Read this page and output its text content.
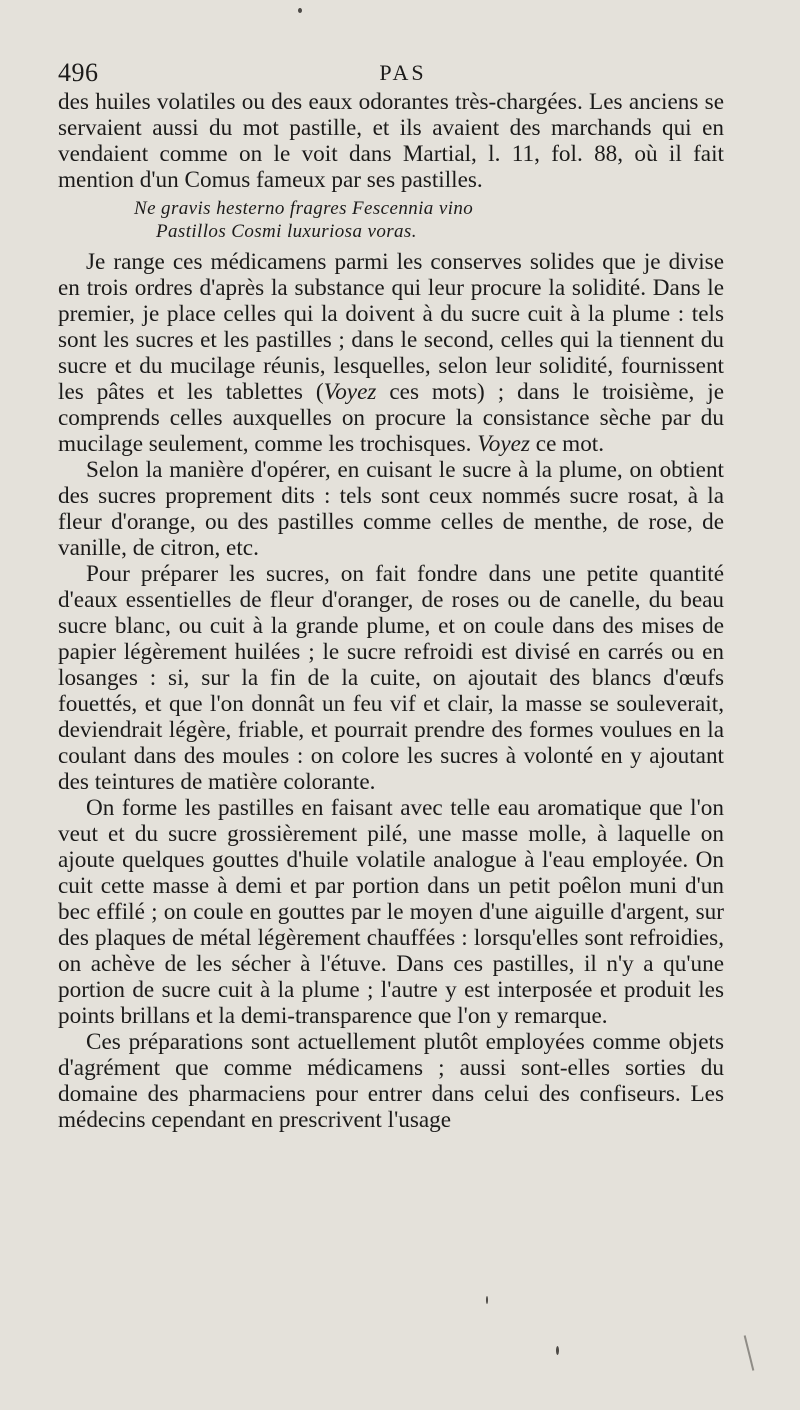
496	PAS

des huiles volatiles ou des eaux odorantes très-chargées. Les anciens se servaient aussi du mot pastille, et ils avaient des marchands qui en vendaient comme on le voit dans Martial, l. 11, fol. 88, où il fait mention d'un Comus fameux par ses pastilles.

Ne gravis hesterno fragres Fescennia vino
Pastillos Cosmi luxuriosa voras.

Je range ces médicamens parmi les conserves solides que je divise en trois ordres d'après la substance qui leur procure la solidité. Dans le premier, je place celles qui la doivent à du sucre cuit à la plume : tels sont les sucres et les pastilles ; dans le second, celles qui la tiennent du sucre et du mucilage réunis, lesquelles, selon leur solidité, fournissent les pâtes et les tablettes (Voyez ces mots) ; dans le troisième, je comprends celles auxquelles on procure la consistance sèche par du mucilage seulement, comme les trochisques. Voyez ce mot.

Selon la manière d'opérer, en cuisant le sucre à la plume, on obtient des sucres proprement dits : tels sont ceux nommés sucre rosat, à la fleur d'orange, ou des pastilles comme celles de menthe, de rose, de vanille, de citron, etc.

Pour préparer les sucres, on fait fondre dans une petite quantité d'eaux essentielles de fleur d'oranger, de roses ou de canelle, du beau sucre blanc, ou cuit à la grande plume, et on coule dans des mises de papier légèrement huilées ; le sucre refroidi est divisé en carrés ou en losanges : si, sur la fin de la cuite, on ajoutait des blancs d'œufs fouettés, et que l'on donnât un feu vif et clair, la masse se souleverait, deviendrait légère, friable, et pourrait prendre des formes voulues en la coulant dans des moules : on colore les sucres à volonté en y ajoutant des teintures de matière colorante.

On forme les pastilles en faisant avec telle eau aromatique que l'on veut et du sucre grossièrement pilé, une masse molle, à laquelle on ajoute quelques gouttes d'huile volatile analogue à l'eau employée. On cuit cette masse à demi et par portion dans un petit poêlon muni d'un bec effilé ; on coule en gouttes par le moyen d'une aiguille d'argent, sur des plaques de métal légèrement chauffées : lorsqu'elles sont refroidies, on achève de les sécher à l'étuve. Dans ces pastilles, il n'y a qu'une portion de sucre cuit à la plume ; l'autre y est interposée et produit les points brillans et la demi-transparence que l'on y remarque.

Ces préparations sont actuellement plutôt employées comme objets d'agrément que comme médicamens ; aussi sont-elles sorties du domaine des pharmaciens pour entrer dans celui des confiseurs. Les médecins cependant en prescrivent l'usage
